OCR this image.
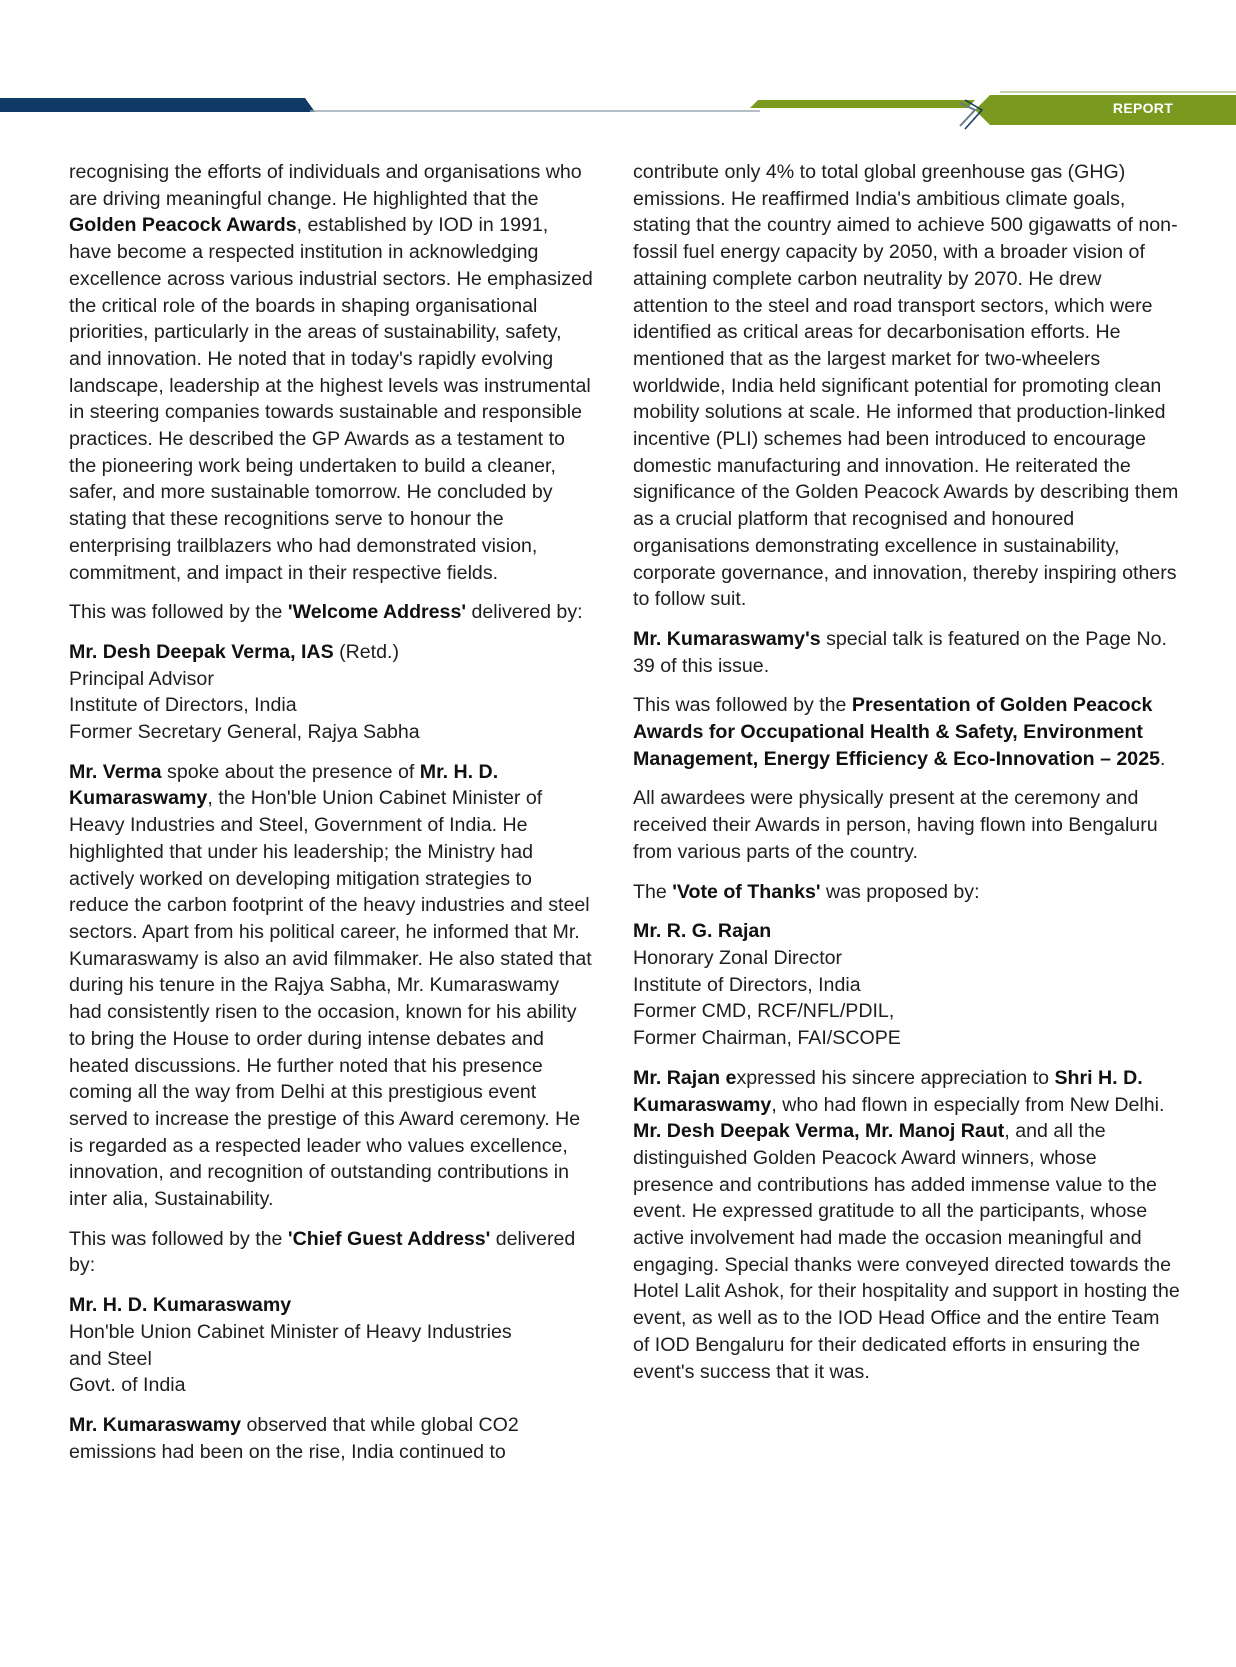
REPORT

recognising the efforts of individuals and organisations who are driving meaningful change. He highlighted that the Golden Peacock Awards, established by IOD in 1991, have become a respected institution in acknowledging excellence across various industrial sectors. He emphasized the critical role of the boards in shaping organisational priorities, particularly in the areas of sustainability, safety, and innovation. He noted that in today's rapidly evolving landscape, leadership at the highest levels was instrumental in steering companies towards sustainable and responsible practices. He described the GP Awards as a testament to the pioneering work being undertaken to build a cleaner, safer, and more sustainable tomorrow. He concluded by stating that these recognitions serve to honour the enterprising trailblazers who had demonstrated vision, commitment, and impact in their respective fields.

This was followed by the 'Welcome Address' delivered by:

Mr. Desh Deepak Verma, IAS (Retd.)
Principal Advisor
Institute of Directors, India
Former Secretary General, Rajya Sabha

Mr. Verma spoke about the presence of Mr. H. D. Kumaraswamy, the Hon'ble Union Cabinet Minister of Heavy Industries and Steel, Government of India. He highlighted that under his leadership; the Ministry had actively worked on developing mitigation strategies to reduce the carbon footprint of the heavy industries and steel sectors. Apart from his political career, he informed that Mr. Kumaraswamy is also an avid filmmaker. He also stated that during his tenure in the Rajya Sabha, Mr. Kumaraswamy had consistently risen to the occasion, known for his ability to bring the House to order during intense debates and heated discussions. He further noted that his presence coming all the way from Delhi at this prestigious event served to increase the prestige of this Award ceremony. He is regarded as a respected leader who values excellence, innovation, and recognition of outstanding contributions in inter alia, Sustainability.

This was followed by the 'Chief Guest Address' delivered by:

Mr. H. D. Kumaraswamy
Hon'ble Union Cabinet Minister of Heavy Industries
and Steel
Govt. of India

Mr. Kumaraswamy observed that while global CO2 emissions had been on the rise, India continued to

contribute only 4% to total global greenhouse gas (GHG) emissions. He reaffirmed India's ambitious climate goals, stating that the country aimed to achieve 500 gigawatts of non-fossil fuel energy capacity by 2050, with a broader vision of attaining complete carbon neutrality by 2070. He drew attention to the steel and road transport sectors, which were identified as critical areas for decarbonisation efforts. He mentioned that as the largest market for two-wheelers worldwide, India held significant potential for promoting clean mobility solutions at scale. He informed that production-linked incentive (PLI) schemes had been introduced to encourage domestic manufacturing and innovation. He reiterated the significance of the Golden Peacock Awards by describing them as a crucial platform that recognised and honoured organisations demonstrating excellence in sustainability, corporate governance, and innovation, thereby inspiring others to follow suit.

Mr. Kumaraswamy's special talk is featured on the Page No. 39 of this issue.

This was followed by the Presentation of Golden Peacock Awards for Occupational Health & Safety, Environment Management, Energy Efficiency & Eco-Innovation – 2025.

All awardees were physically present at the ceremony and received their Awards in person, having flown into Bengaluru from various parts of the country.

The 'Vote of Thanks' was proposed by:

Mr. R. G. Rajan
Honorary Zonal Director
Institute of Directors, India
Former CMD, RCF/NFL/PDIL,
Former Chairman, FAI/SCOPE

Mr. Rajan expressed his sincere appreciation to Shri H. D. Kumaraswamy, who had flown in especially from New Delhi. Mr. Desh Deepak Verma, Mr. Manoj Raut, and all the distinguished Golden Peacock Award winners, whose presence and contributions has added immense value to the event. He expressed gratitude to all the participants, whose active involvement had made the occasion meaningful and engaging. Special thanks were conveyed directed towards the Hotel Lalit Ashok, for their hospitality and support in hosting the event, as well as to the IOD Head Office and the entire Team of IOD Bengaluru for their dedicated efforts in ensuring the event's success that it was.
